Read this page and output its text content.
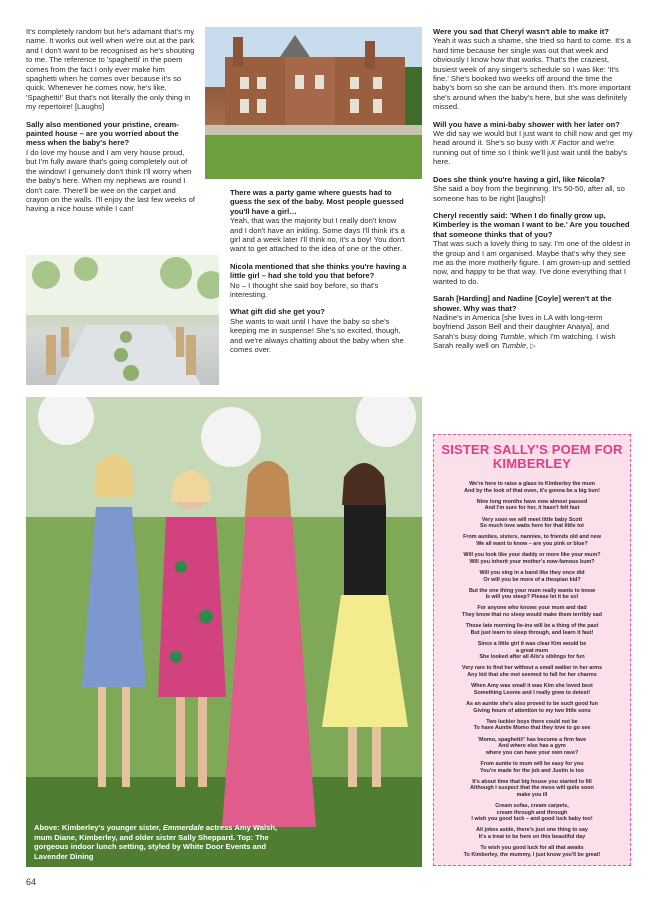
It's completely random but he's adamant that's my name. It works out well when we're out at the park and I don't want to be recognised as he's shouting to me. The reference to 'spaghetti' in the poem comes from the fact I only ever make him spaghetti when he comes over because it's so quick. Whenever he comes now, he's like, 'Spaghetti!' But that's not literally the only thing in my repertoire! [Laughs]

Sally also mentioned your pristine, cream-painted house – are you worried about the mess when the baby's here?

I do love my house and I am very house proud, but I'm fully aware that's going completely out of the window! I genuinely don't think I'll worry when the baby's here. When my nephews are round I don't care. There'll be wee on the carpet and crayon on the walls. I'll enjoy the last few weeks of having a nice house while I can!

There was a party game where guests had to guess the sex of the baby. Most people guessed you'll have a girl…

Yeah, that was the majority but I really don't know and I don't have an inkling. Some days I'll think it's a girl and a week later I'll think no, it's a boy! You don't want to get attached to the idea of one or the other.

Nicola mentioned that she thinks you're having a little girl – had she told you that before?

No – I thought she said boy before, so that's interesting.

What gift did she get you?

She wants to wait until I have the baby so she's keeping me in suspense! She's so excited, though, and we're always chatting about the baby when she comes over.

Were you sad that Cheryl wasn't able to make it?

Yeah it was such a shame, she tried so hard to come. It's a hard time because her single was out that week and obviously I know how that works. That's the craziest, busiest week of any singer's schedule so I was like: 'It's fine.' She's booked two weeks off around the time the baby's born so she can be around then. It's more important she's around when the baby's here, but she was definitely missed.

Will you have a mini-baby shower with her later on?

We did say we would but I just want to chill now and get my head around it. She's so busy with X Factor and we're running out of time so I think we'll just wait until the baby's here.

Does she think you're having a girl, like Nicola?

She said a boy from the beginning. It's 50-50, after all, so someone has to be right [laughs]!

Cheryl recently said: 'When I do finally grow up, Kimberley is the woman I want to be.' Are you touched that someone thinks that of you?

That was such a lovely thing to say. I'm one of the oldest in the group and I am organised. Maybe that's why they see me as the more motherly figure. I am grown-up and settled now, and happy to be that way. I've done everything that I wanted to do.

Sarah [Harding] and Nadine [Coyle] weren't at the shower. Why was that?

Nadine's in America [she lives in LA with long-term boyfriend Jason Bell and their daughter Anaiya], and Sarah's busy doing Tumble, which I'm watching. I wish Sarah really well on Tumble, ▷

Above: Kimberley's younger sister, Emmerdale actress Amy Walsh, mum Diane, Kimberley, and older sister Sally Sheppard. Top: The gorgeous indoor lunch setting, styled by White Door Events and Lavender Dining

SISTER SALLY'S POEM FOR KIMBERLEY

We're here to raise a glass to Kimberley the mum
And by the look of that oven, it's gonna be a big bun!

Nine long months have now almost passed
And I'm sure for her, it hasn't felt fast

Very soon we will meet little baby Scott
So much love waits here for that little tot

From aunties, sisters, nannies, to friends old and new
We all want to know – are you pink or blue?

Will you look like your daddy or more like your mum?
Will you inherit your mother's now-famous bum?

Will you sing in a band like they once did
Or will you be more of a thespian kid?

But the one thing your mum really wants to know
Is will you sleep? Please let it be so!

For anyone who knows your mum and dad
They know that no sleep would make them terribly sad

Those late morning lie-ins will be a thing of the past
But just learn to sleep through, and learn it fast!

Since a little girl it was clear Kim would be
a great mum
She looked after all Alix's siblings for fun

Very rare to find her without a small walker in her arms
Any kid that she met seemed to fall for her charms

When Amy was small it was Kim she loved best
Something Leonie and I really grew to detest!

As an auntie she's also proved to be such good fun
Giving hours of attention to my two little sons

Two luckier boys there could not be
To have Auntie Momo that they love to go see

'Momo, spaghetti!' has become a firm fave
And where else has a gym
where you can have your own rave?

From auntie to mum will be easy for you
You're made for the job and Justin is too

It's about time that big house you started to fill
Although I suspect that the mess will quite soon
make you ill

Cream sofas, cream carpets,
cream through and through
I wish you good luck – and good luck baby too!

All jokes aside, there's just one thing to say
It's a treat to be here on this beautiful day

To wish you good luck for all that awaits
To Kimberley, the mummy, I just know you'll be great!

64
